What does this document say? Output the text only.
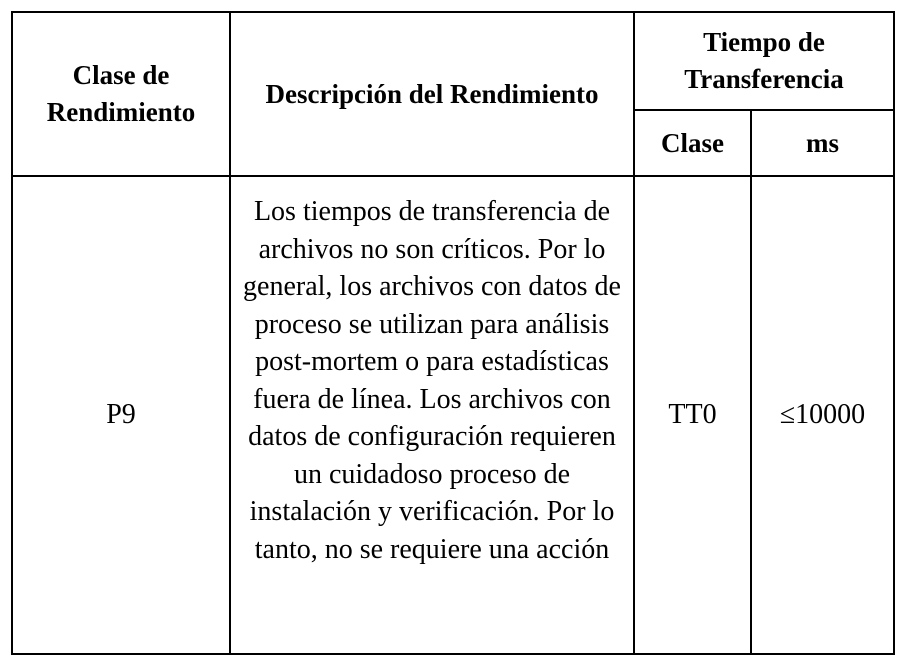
Clase de Rendimiento	Descripción del Rendimiento	Tiempo de Transferencia	
		Clase	ms
P9	Los tiempos de transferencia de archivos no son críticos. Por lo general, los archivos con datos de proceso se utilizan para análisis post-mortem o para estadísticas fuera de línea. Los archivos con datos de configuración requieren un cuidadoso proceso de instalación y verificación. Por lo tanto, no se requiere una acción	TT0	≤10000
